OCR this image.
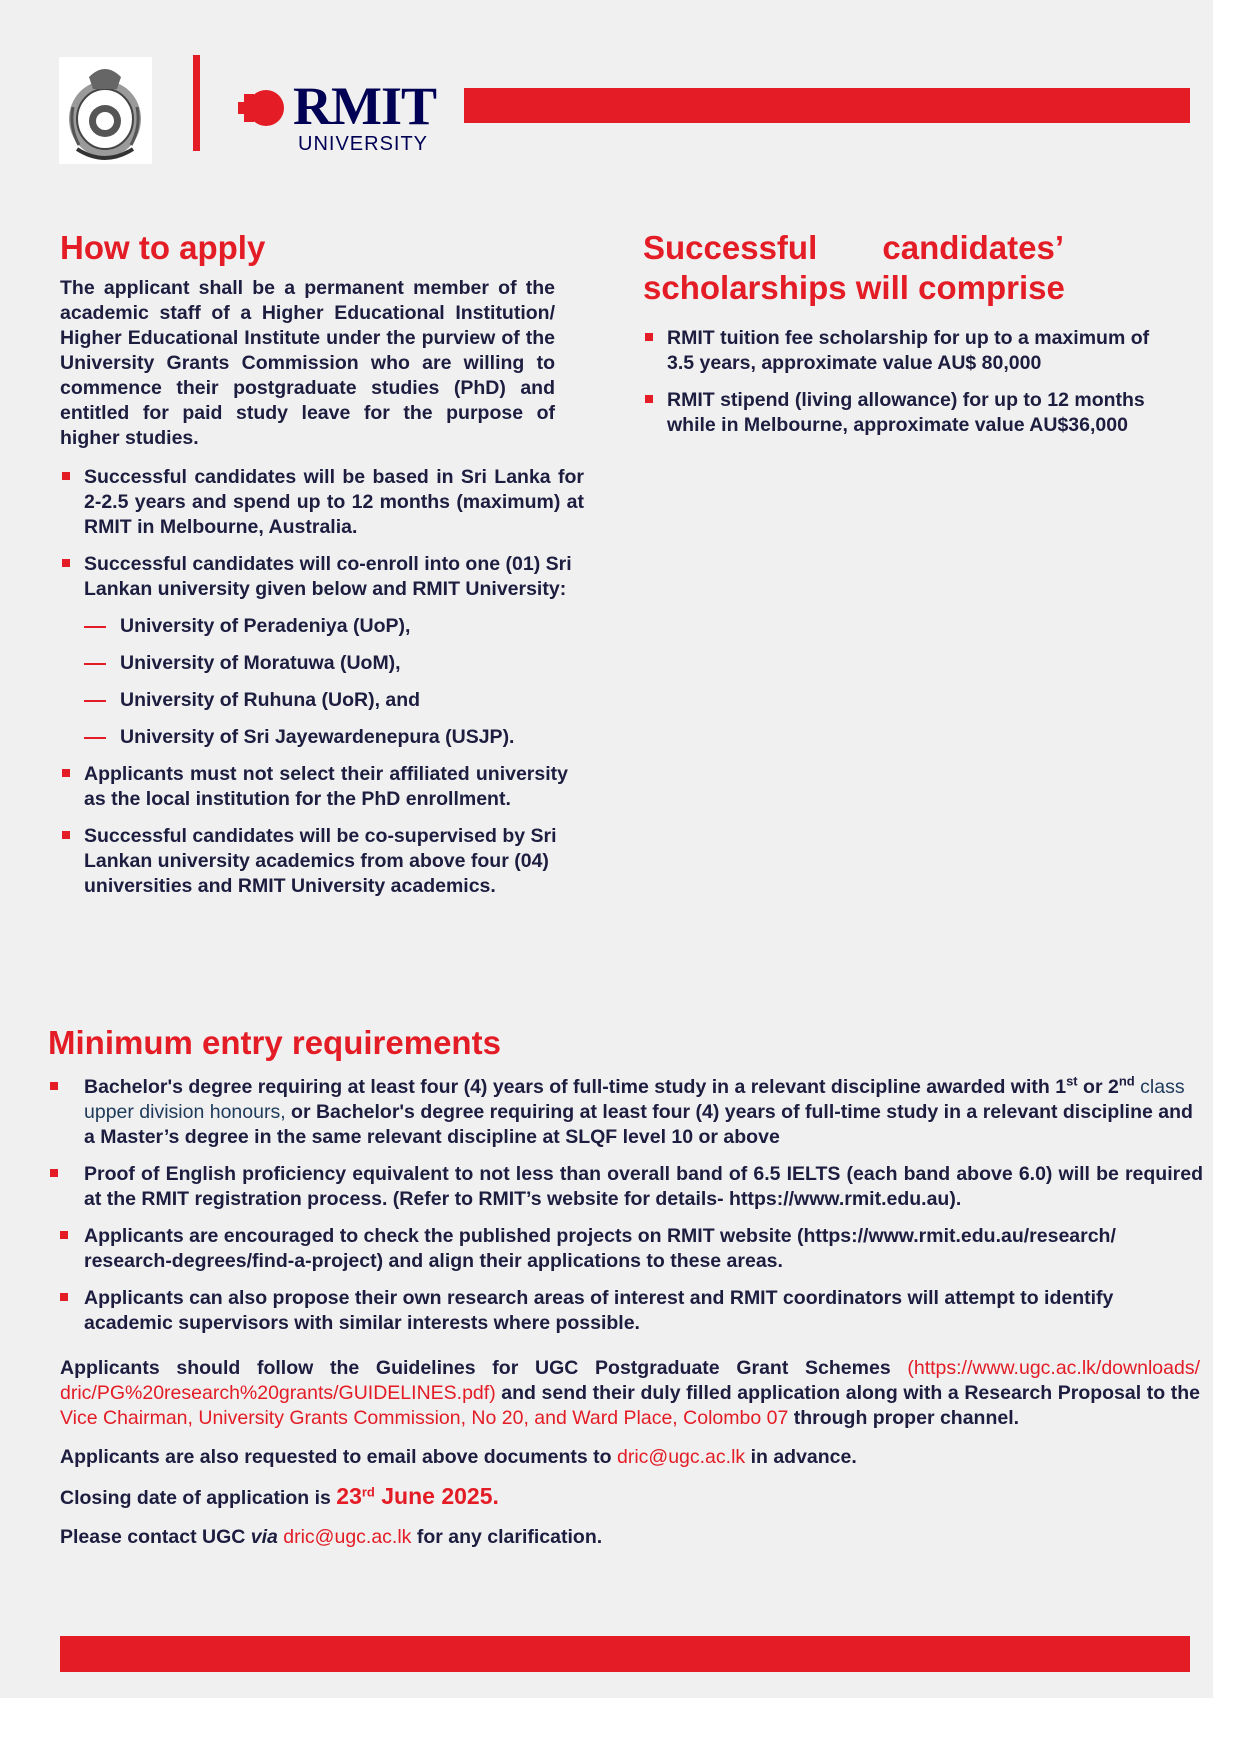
RMIT
UNIVERSITY
How to apply

The applicant shall be a permanent member of the academic staff of a Higher Educational Institution/ Higher Educational Institute under the purview of the University Grants Commission who are willing to commence their postgraduate studies (PhD) and entitled for paid study leave for the purpose of higher studies.

Successful candidates will be based in Sri Lanka for 2-2.5 years and spend up to 12 months (maximum) at RMIT in Melbourne, Australia.
Successful candidates will co-enroll into one (01) Sri Lankan university given below and RMIT University:
University of Peradeniya (UoP),
University of Moratuwa (UoM),
University of Ruhuna (UoR), and
University of Sri Jayewardenepura (USJP).
Applicants must not select their affiliated university as the local institution for the PhD enrollment.
Successful candidates will be co-supervised by Sri Lankan university academics from above four (04) universities and RMIT University academics.
Successful candidates’
scholarships will comprise
RMIT tuition fee scholarship for up to a maximum of 3.5 years, approximate value AU$ 80,000
RMIT stipend (living allowance) for up to 12 months while in Melbourne, approximate value AU$36,000
Minimum entry requirements
Bachelor's degree requiring at least four (4) years of full-time study in a relevant discipline awarded with 1st or 2nd class upper division honours, or Bachelor's degree requiring at least four (4) years of full-time study in a relevant discipline and a Master’s degree in the same relevant discipline at SLQF level 10 or above
Proof of English proficiency equivalent to not less than overall band of 6.5 IELTS (each band above 6.0) will be required at the RMIT registration process. (Refer to RMIT’s website for details- https://www.rmit.edu.au).
Applicants are encouraged to check the published projects on RMIT website (https://www.rmit.edu.au/research/ research-degrees/find-a-project) and align their applications to these areas.
Applicants can also propose their own research areas of interest and RMIT coordinators will attempt to identify academic supervisors with similar interests where possible.

Applicants should follow the Guidelines for UGC Postgraduate Grant Schemes (https://www.ugc.ac.lk/downloads/ dric/PG%20research%20grants/GUIDELINES.pdf) and send their duly filled application along with a Research Proposal to the Vice Chairman, University Grants Commission, No 20, and Ward Place, Colombo 07 through proper channel.

Applicants are also requested to email above documents to dric@ugc.ac.lk in advance.

Closing date of application is 23rd June 2025.

Please contact UGC via dric@ugc.ac.lk for any clarification.
